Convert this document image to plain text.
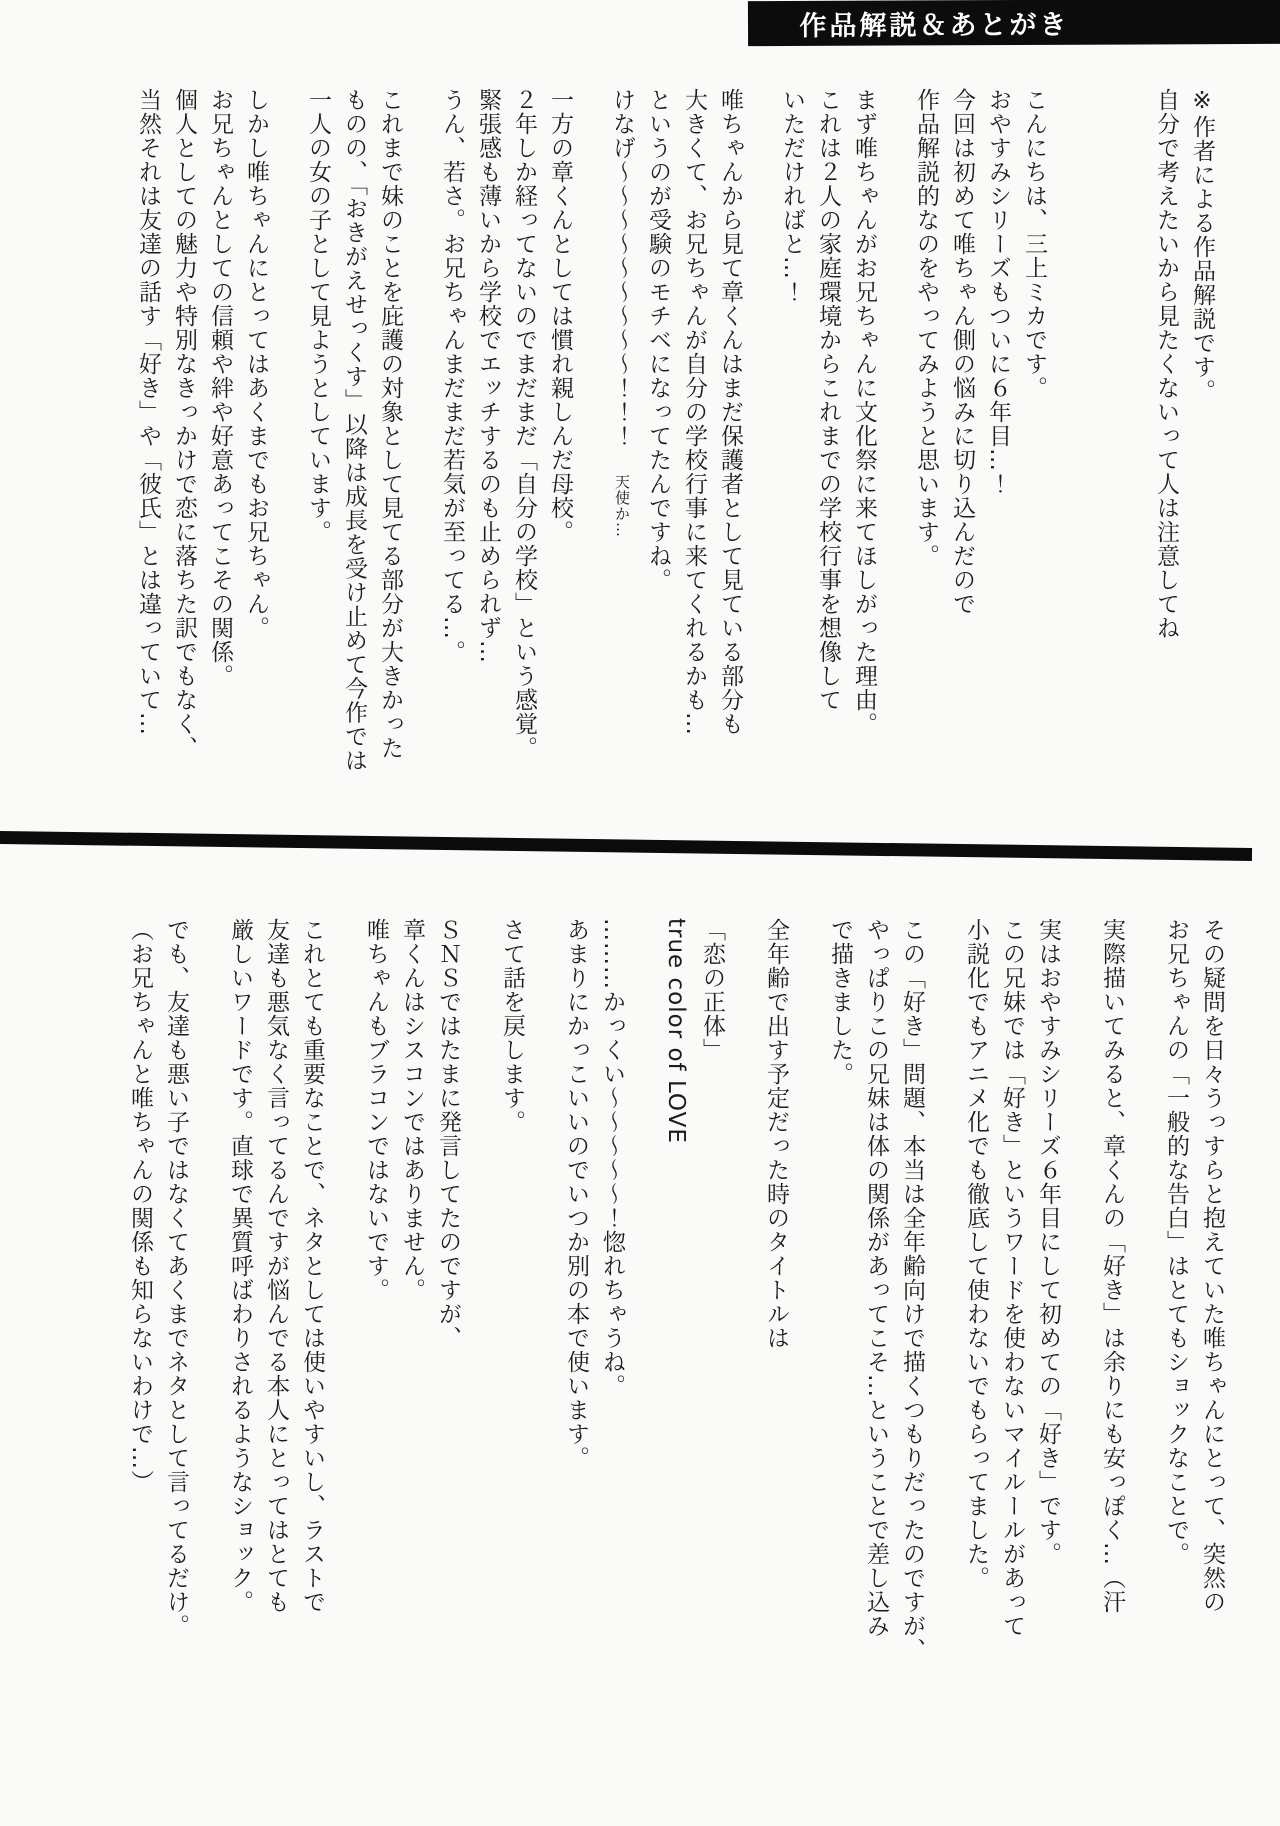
作品解説＆あとがき

※作者による作品解説です。

自分で考えたいから見たくないって人は注意してね

こんにちは、三上ミカです。

おやすみシリーズもついに６年目…！

今回は初めて唯ちゃん側の悩みに切り込んだので

作品解説的なのをやってみようと思います。

まず唯ちゃんがお兄ちゃんに文化祭に来てほしがった理由。

これは２人の家庭環境からこれまでの学校行事を想像して

いただければと…！

唯ちゃんから見て章くんはまだ保護者として見ている部分も

大きくて、お兄ちゃんが自分の学校行事に来てくれるかも…

というのが受験のモチベになってたんですね。

けなげ～～～～～～～～～！！！天使か…

一方の章くんとしては慣れ親しんだ母校。

２年しか経ってないのでまだまだ「自分の学校」という感覚。

緊張感も薄いから学校でエッチするのも止められず…

うん、若さ。お兄ちゃんまだまだ若気が至ってる…。

これまで妹のことを庇護の対象として見てる部分が大きかった

ものの、「おきがえせっくす」以降は成長を受け止めて今作では

一人の女の子として見ようとしています。

しかし唯ちゃんにとってはあくまでもお兄ちゃん。

お兄ちゃんとしての信頼や絆や好意あってこその関係。

個人としての魅力や特別なきっかけで恋に落ちた訳でもなく、

当然それは友達の話す「好き」や「彼氏」とは違っていて…

その疑問を日々うっすらと抱えていた唯ちゃんにとって、突然の

お兄ちゃんの「一般的な告白」はとてもショックなことで。

実際描いてみると、章くんの「好き」は余りにも安っぽく…（汗

実はおやすみシリーズ６年目にして初めての「好き」です。

この兄妹では「好き」というワードを使わないマイルールがあって

小説化でもアニメ化でも徹底して使わないでもらってました。

この「好き」問題、本当は全年齢向けで描くつもりだったのですが、

やっぱりこの兄妹は体の関係があってこそ…ということで差し込み

で描きました。

全年齢で出す予定だった時のタイトルは

「恋の正体」

true color of LOVE

………かっくい～～～～～！惚れちゃうね。

あまりにかっこいいのでいつか別の本で使います。

さて話を戻します。

ＳＮＳではたまに発言してたのですが、

章くんはシスコンではありません。

唯ちゃんもブラコンではないです。

これとても重要なことで、ネタとしては使いやすいし、ラストで

友達も悪気なく言ってるんですが悩んでる本人にとってはとても

厳しいワードです。直球で異質呼ばわりされるようなショック。

でも、友達も悪い子ではなくてあくまでネタとして言ってるだけ。

（お兄ちゃんと唯ちゃんの関係も知らないわけで…）
